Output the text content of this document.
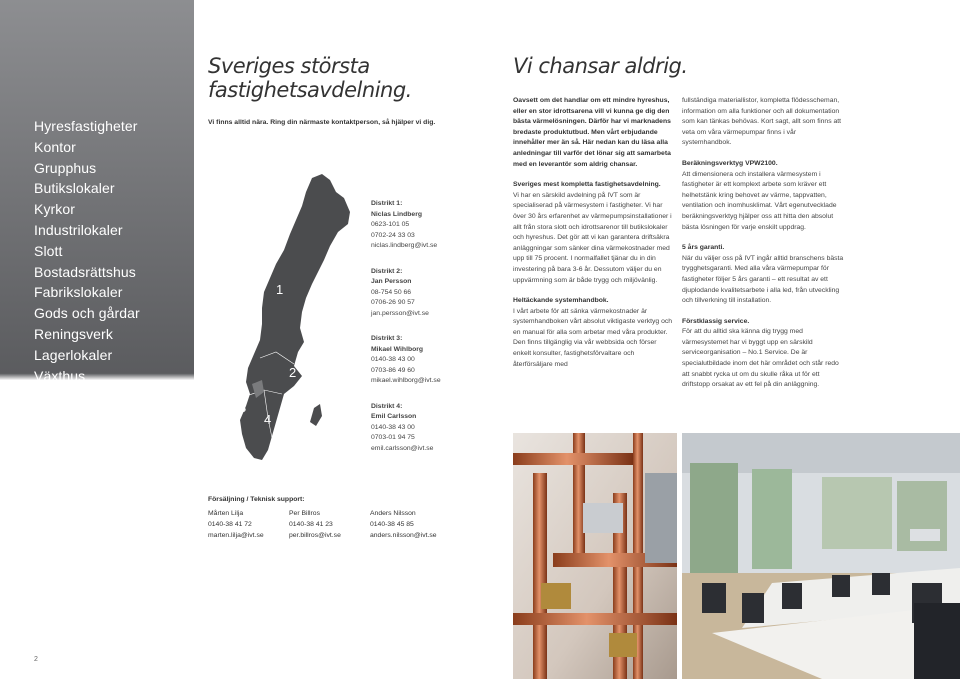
Hyresfastigheter
Kontor
Grupphus
Butikslokaler
Kyrkor
Industrilokaler
Slott
Bostadsrättshus
Fabrikslokaler
Gods och gårdar
Reningsverk
Lagerlokaler
Växthus
2
Sveriges största fastighetsavdelning.
Vi finns alltid nära. Ring din närmaste kontaktperson, så hjälper vi dig.
1
2
3
4
Distrikt 1:
Niclas Lindberg
0623-101 05
0702-24 33 03
niclas.lindberg@ivt.se
Distrikt 2:
Jan Persson
08-754 50 66
0706-26 90 57
jan.persson@ivt.se
Distrikt 3:
Mikael Wihlborg
0140-38 43 00
0703-86 49 60
mikael.wihlborg@ivt.se
Distrikt 4:
Emil Carlsson
0140-38 43 00
0703-01 94 75
emil.carlsson@ivt.se
Försäljning / Teknisk support:
Mårten Lilja
0140-38 41 72
marten.lilja@ivt.se
Per Billros
0140-38 41 23
per.billros@ivt.se
Anders Nilsson
0140-38 45 85
anders.nilsson@ivt.se
Vi chansar aldrig.

Oavsett om det handlar om ett mindre hyreshus, eller en stor idrottsarena vill vi kunna ge dig den bästa värmelösningen. Därför har vi marknadens bredaste produktutbud. Men vårt erbjudande innehåller mer än så. Här nedan kan du läsa alla anledningar till varför det lönar sig att samarbeta med en leverantör som aldrig chansar.

Sveriges mest kompletta fastighetsavdelning.

Vi har en särskild avdelning på IVT som är specialiserad på värmesystem i fastigheter. Vi har över 30 års erfarenhet av värmepumpsinstallationer i allt från stora slott och idrottsarenor till butikslokaler och hyreshus. Det gör att vi kan garantera driftsäkra anläggningar som sänker dina värmekostnader med upp till 75 procent. I normalfallet tjänar du in din investering på bara 3-6 år. Dessutom väljer du en uppvärmning som är både trygg och miljövänlig.

Heltäckande systemhandbok.

I vårt arbete för att sänka värmekostnader är systemhandboken vårt absolut viktigaste verktyg och en manual för alla som arbetar med våra produkter. Den finns tillgänglig via vår webbsida och förser enkelt konsulter, fastighetsförvaltare och återförsäljare med

fullständiga materiallistor, kompletta flödesscheman, information om alla funktioner och all dokumentation som kan tänkas behövas. Kort sagt, allt som finns att veta om våra värmepumpar finns i vår systemhandbok.

Beräkningsverktyg VPW2100.

Att dimensionera och installera värmesystem i fastigheter är ett komplext arbete som kräver ett helhetstänk kring behovet av värme, tappvatten, ventilation och inomhusklimat. Vårt egenutvecklade beräkningsverktyg hjälper oss att hitta den absolut bästa lösningen för varje enskilt uppdrag.

5 års garanti.

När du väljer oss på IVT ingår alltid branschens bästa trygghetsgaranti. Med alla våra värmepumpar för fastigheter följer 5 års garanti – ett resultat av ett djuplodande kvalitetsarbete i alla led, från utveckling och tillverkning till installation.

Förstklassig service.

För att du alltid ska känna dig trygg med värmesystemet har vi byggt upp en särskild serviceorganisation – No.1 Service. De är specialutbildade inom det här området och står redo att snabbt rycka ut om du skulle råka ut för ett driftstopp orsakat av ett fel på din anläggning.
